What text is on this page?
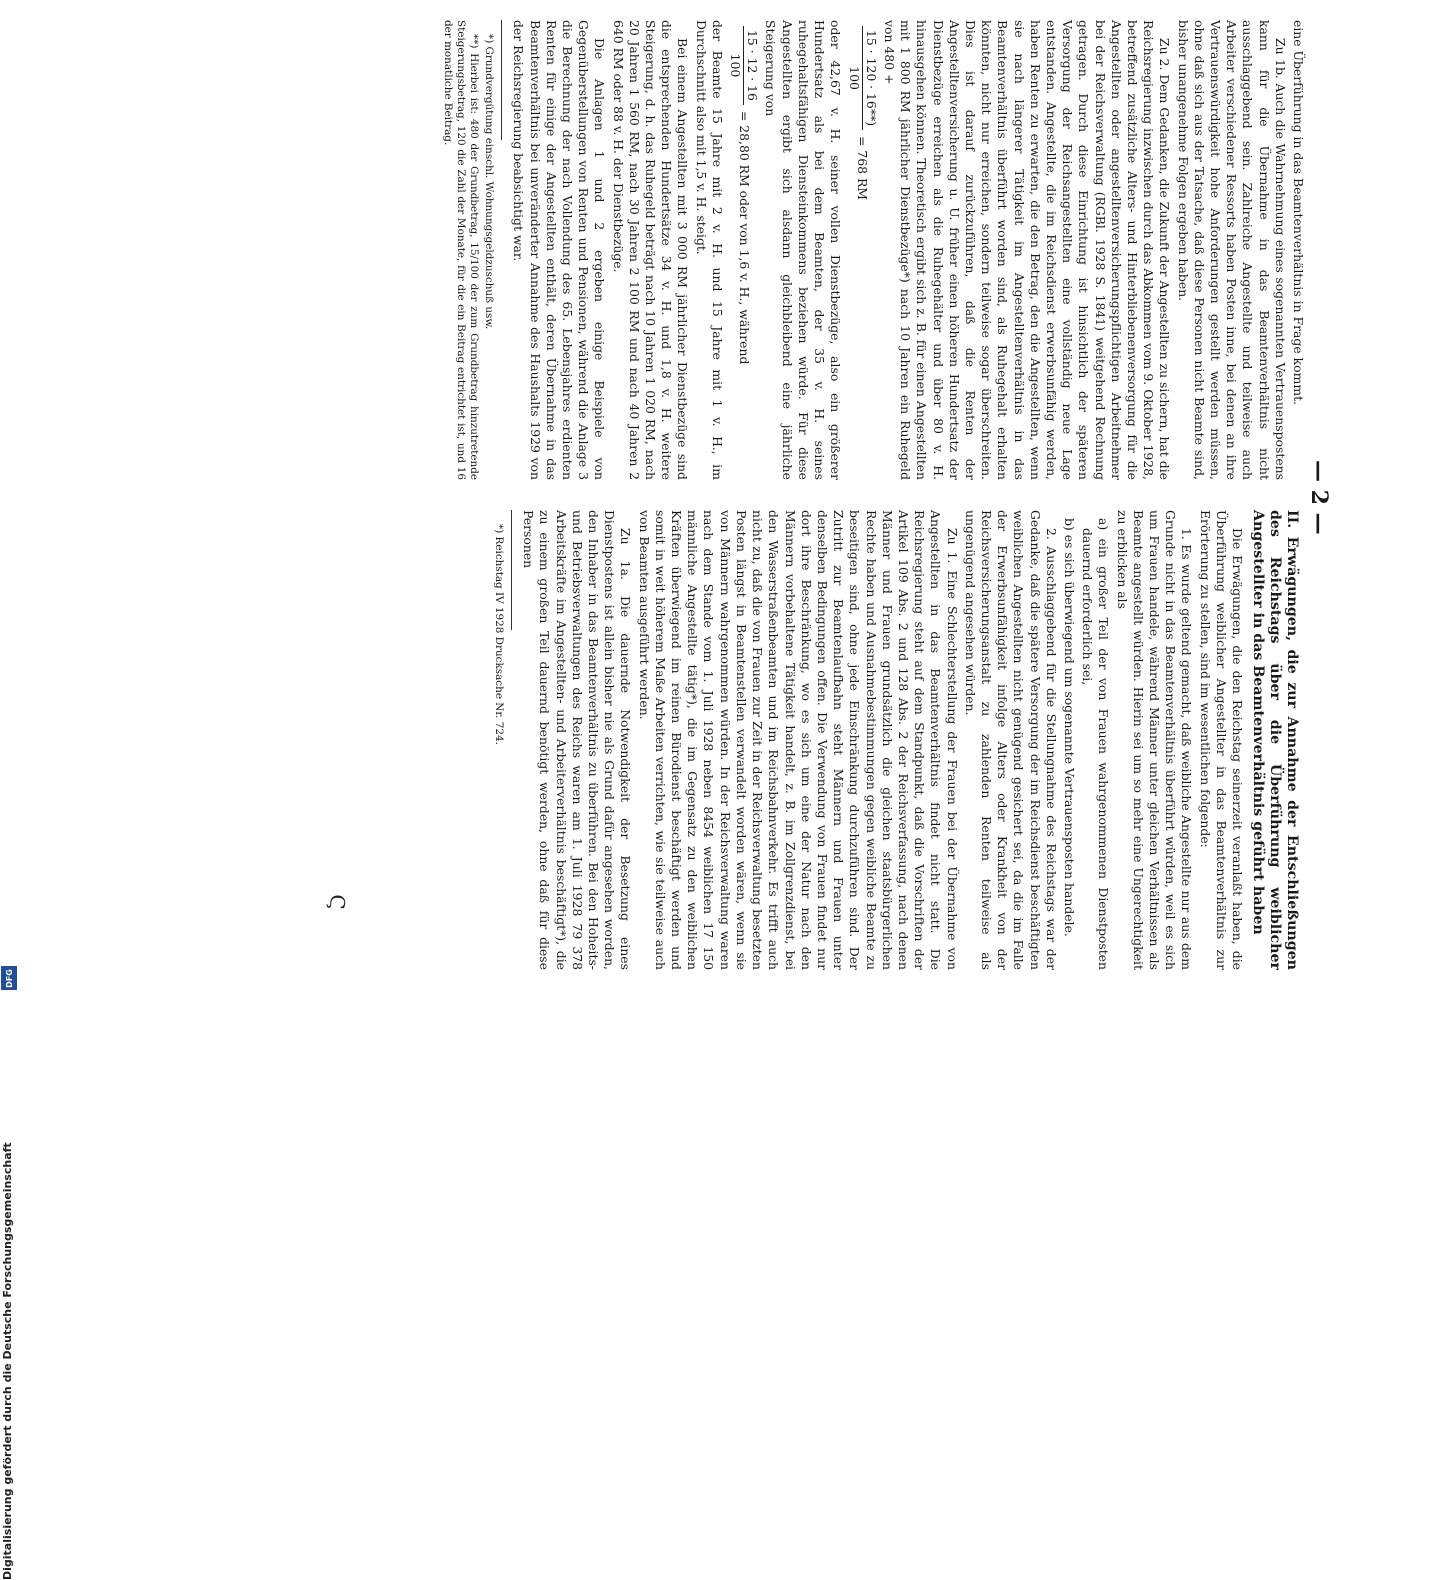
— 2 —

eine Überführung in das Beamtenverhältnis in Frage kommt.

Zu 1b. Auch die Wahrnehmung eines sogenannten Vertrauenspostens kann für die Übernahme in das Beamtenverhältnis nicht ausschlaggebend sein. Zahlreiche Angestellte und teilweise auch Arbeiter verschiedener Ressorts haben Posten inne, bei denen an ihre Vertrauenswürdigkeit hohe Anforderungen gestellt werden müssen, ohne daß sich aus der Tatsache, daß diese Personen nicht Beamte sind, bisher unangenehme Folgen ergeben haben.

Zu 2. Dem Gedanken, die Zukunft der Angestellten zu sichern, hat die Reichsregierung inzwischen durch das Abkommen vom 9. Oktober 1928, betreffend zusätzliche Alters- und Hinterbliebenenversorgung für die Angestellten oder angestelltenversicherungspflichtigen Arbeitnehmer bei der Reichsverwaltung (RGBl. 1928 S. 1841) weitgehend Rechnung getragen. Durch diese Einrichtung ist hinsichtlich der späteren Versorgung der Reichsangestellten eine vollständig neue Lage entstanden. Angestellte, die im Reichsdienst erwerbsunfähig werden, haben Renten zu erwarten, die den Betrag, den die Angestellten, wenn sie nach längerer Tätigkeit im Angestelltenverhältnis in das Beamtenverhältnis überführt worden sind, als Ruhegehalt erhalten könnten, nicht nur erreichen, sondern teilweise sogar überschreiten. Dies ist darauf zurückzuführen, daß die Renten der Angestelltenversicherung u. U. früher einen höheren Hundertsatz der Dienstbezüge erreichen als die Ruhegehälter und über 80 v. H. hinausgehen können. Theoretisch ergibt sich z. B. für einen Angestellten mit 1 800 RM jährlicher Dienstbezüge*) nach 10 Jahren ein Ruhegeld von 480 +

15 · 120 · 16**)
100
= 768 RM

oder 42,67 v. H. seiner vollen Dienstbezüge, also ein größerer Hundertsatz als bei dem Beamten, der 35 v. H. seines ruhegehaltsfähigen Diensteinkommens beziehen würde. Für diese Angestellten ergibt sich alsdann gleichbleibend eine jährliche Steigerung von

15 · 12 · 16
100
= 28,80 RM oder von 1,6 v. H., während

der Beamte 15 Jahre mit 2 v. H. und 15 Jahre mit 1 v. H., im Durchschnitt also mit 1,5 v. H. steigt.

Bei einem Angestellten mit 3 000 RM jährlicher Dienstbezüge sind die entsprechenden Hundertsätze 34 v. H. und 1,8 v. H. weitere Steigerung, d. h. das Ruhegeld beträgt nach 10 Jahren 1 020 RM, nach 20 Jahren 1 560 RM, nach 30 Jahren 2 100 RM und nach 40 Jahren 2 640 RM oder 88 v. H. der Dienstbezüge.

Die Anlagen 1 und 2 ergeben einige Beispiele von Gegenüberstellungen von Renten und Pensionen, während die Anlage 3 die Berechnung der nach Vollendung des 65. Lebensjahres erdienten Renten für einige der Angestellten enthält, deren Übernahme in das Beamtenverhältnis bei unveränderter Annahme des Haushalts 1929 von der Reichsregierung beabsichtigt war.

*) Grundvergütung einschl. Wohnungsgeldzuschuß usw.

**) Hierbei ist: 480 der Grundbetrag, 15/100 der zum Grundbetrag hinzutretende Steigerungsbetrag, 120 die Zahl der Monate, für die ein Beitrag entrichtet ist, und 16 der monatliche Beitrag.

II. Erwägungen, die zur Annahme der Entschließungen des Reichstags über die Überführung weiblicher Angestellter in das Beamtenverhältnis geführt haben

Die Erwägungen, die den Reichstag seinerzeit veranlaßt haben, die Überführung weiblicher Angestellter in das Beamtenverhältnis zur Erörterung zu stellen, sind im wesentlichen folgende:

1. Es wurde geltend gemacht, daß weibliche Angestellte nur aus dem Grunde nicht in das Beamtenverhältnis überführt würden, weil es sich um Frauen handele, während Männer unter gleichen Verhältnissen als Beamte angestellt würden. Hierin sei um so mehr eine Ungerechtigkeit zu erblicken als

a) ein großer Teil der von Frauen wahrgenommenen Dienstposten dauernd erforderlich sei,

b) es sich überwiegend um sogenannte Vertrauensposten handele.

2. Ausschlaggebend für die Stellungnahme des Reichstags war der Gedanke, daß die spätere Versorgung der im Reichsdienst beschäftigten weiblichen Angestellten nicht genügend gesichert sei, da die im Falle der Erwerbsunfähigkeit infolge Alters oder Krankheit von der Reichsversicherungsanstalt zu zahlenden Renten teilweise als ungenügend angesehen würden.

Zu 1. Eine Schlechterstellung der Frauen bei der Übernahme von Angestellten in das Beamtenverhältnis findet nicht statt. Die Reichsregierung steht auf dem Standpunkt, daß die Vorschriften der Artikel 109 Abs. 2 und 128 Abs. 2 der Reichsverfassung, nach denen Männer und Frauen grundsätzlich die gleichen staatsbürgerlichen Rechte haben und Ausnahmebestimmungen gegen weibliche Beamte zu beseitigen sind, ohne jede Einschränkung durchzuführen sind. Der Zutritt zur Beamtenlaufbahn steht Männern und Frauen unter denselben Bedingungen offen. Die Verwendung von Frauen findet nur dort ihre Beschränkung, wo es sich um eine der Natur nach den Männern vorbehaltene Tätigkeit handelt, z. B. im Zollgrenzdienst, bei den Wasserstraßenbeamten und im Reichsbahnverkehr. Es trifft auch nicht zu, daß die von Frauen zur Zeit in der Reichsverwaltung besetzten Posten längst in Beamtenstellen verwandelt worden wären, wenn sie von Männern wahrgenommen würden. In der Reichsverwaltung waren nach dem Stande vom 1. Juli 1928 neben 8454 weiblichen 17 150 männliche Angestellte tätig*), die im Gegensatz zu den weiblichen Kräften überwiegend im reinen Bürodienst beschäftigt werden und somit in weit höherem Maße Arbeiten verrichten, wie sie teilweise auch von Beamten ausgeführt werden.

Zu 1a. Die dauernde Notwendigkeit der Besetzung eines Dienstpostens ist allein bisher nie als Grund dafür angesehen worden, den Inhaber in das Beamtenverhältnis zu überführen. Bei den Hoheits- und Betriebsverwaltungen des Reichs waren am 1. Juli 1928 79 378 Arbeitskräfte im Angestellten- und Arbeiterverhältnis beschäftigt*), die zu einem großen Teil dauernd benötigt werden, ohne daß für diese Personen

*) Reichstag IV 1928 Drucksache Nr. 724.

Ϛ
Digitalisierung gefördert durch die Deutsche Forschungsgemeinschaft
DFG
